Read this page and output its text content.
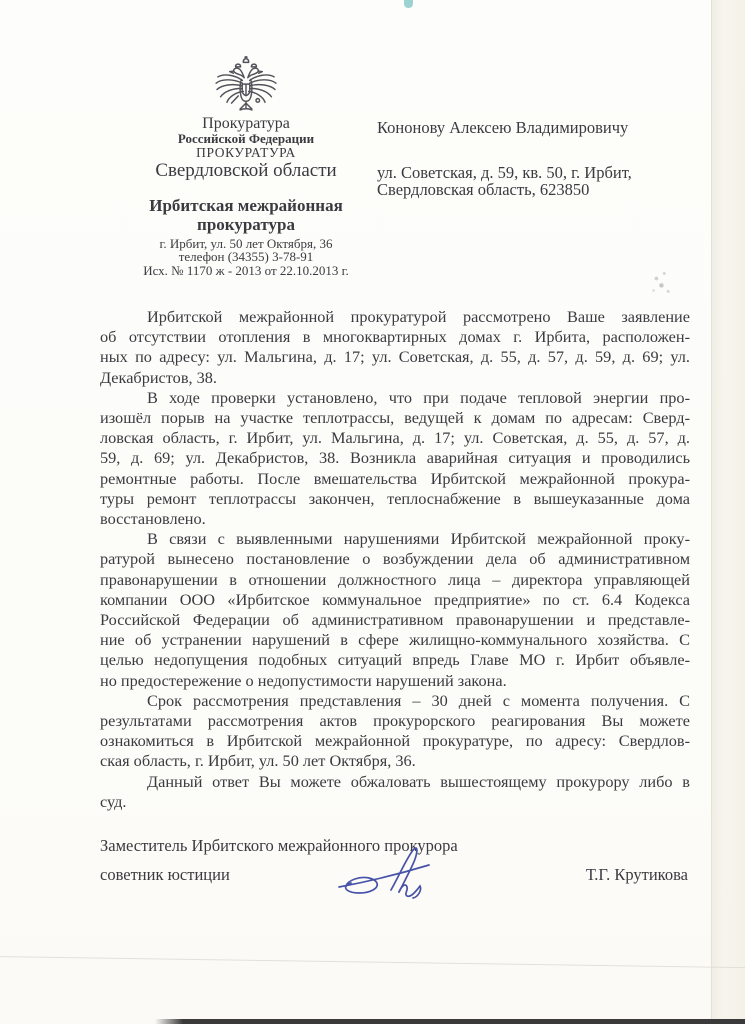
Прокуратура
Российской Федерации
ПРОКУРАТУРА
Свердловской области
Ирбитская межрайонная
прокуратура
г. Ирбит, ул. 50 лет Октября, 36
телефон (34355) 3-78-91
Исх. № 1170 ж - 2013 от 22.10.2013 г.
Кононову Алексею Владимировичу
ул. Советская, д. 59, кв. 50, г. Ирбит,
Свердловская область, 623850
Ирбитской межрайонной прокуратурой рассмотрено Ваше заявление
об отсутствии отопления в многоквартирных домах г. Ирбита, расположен-
ных по адресу: ул. Мальгина, д. 17; ул. Советская, д. 55, д. 57, д. 59, д. 69; ул.
Декабристов, 38.
В ходе проверки установлено, что при подаче тепловой энергии про-
изошёл порыв на участке теплотрассы, ведущей к домам по адресам: Сверд-
ловская область, г. Ирбит, ул. Мальгина, д. 17; ул. Советская, д. 55, д. 57, д.
59, д. 69; ул. Декабристов, 38. Возникла аварийная ситуация и проводились
ремонтные работы. После вмешательства Ирбитской межрайонной прокура-
туры ремонт теплотрассы закончен, теплоснабжение в вышеуказанные дома
восстановлено.
В связи с выявленными нарушениями Ирбитской межрайонной проку-
ратурой вынесено постановление о возбуждении дела об административном
правонарушении в отношении должностного лица – директора управляющей
компании ООО «Ирбитское коммунальное предприятие» по ст. 6.4 Кодекса
Российской Федерации об административном правонарушении и представле-
ние об устранении нарушений в сфере жилищно-коммунального хозяйства. С
целью недопущения подобных ситуаций впредь Главе МО г. Ирбит объявле-
но предостережение о недопустимости нарушений закона.
Срок рассмотрения представления – 30 дней с момента получения. С
результатами рассмотрения актов прокурорского реагирования Вы можете
ознакомиться в Ирбитской межрайонной прокуратуре, по адресу: Свердлов-
ская область, г. Ирбит, ул. 50 лет Октября, 36.
Данный ответ Вы можете обжаловать вышестоящему прокурору либо в
суд.
Заместитель Ирбитского межрайонного прокурора
советник юстиции	Т.Г. Крутикова
